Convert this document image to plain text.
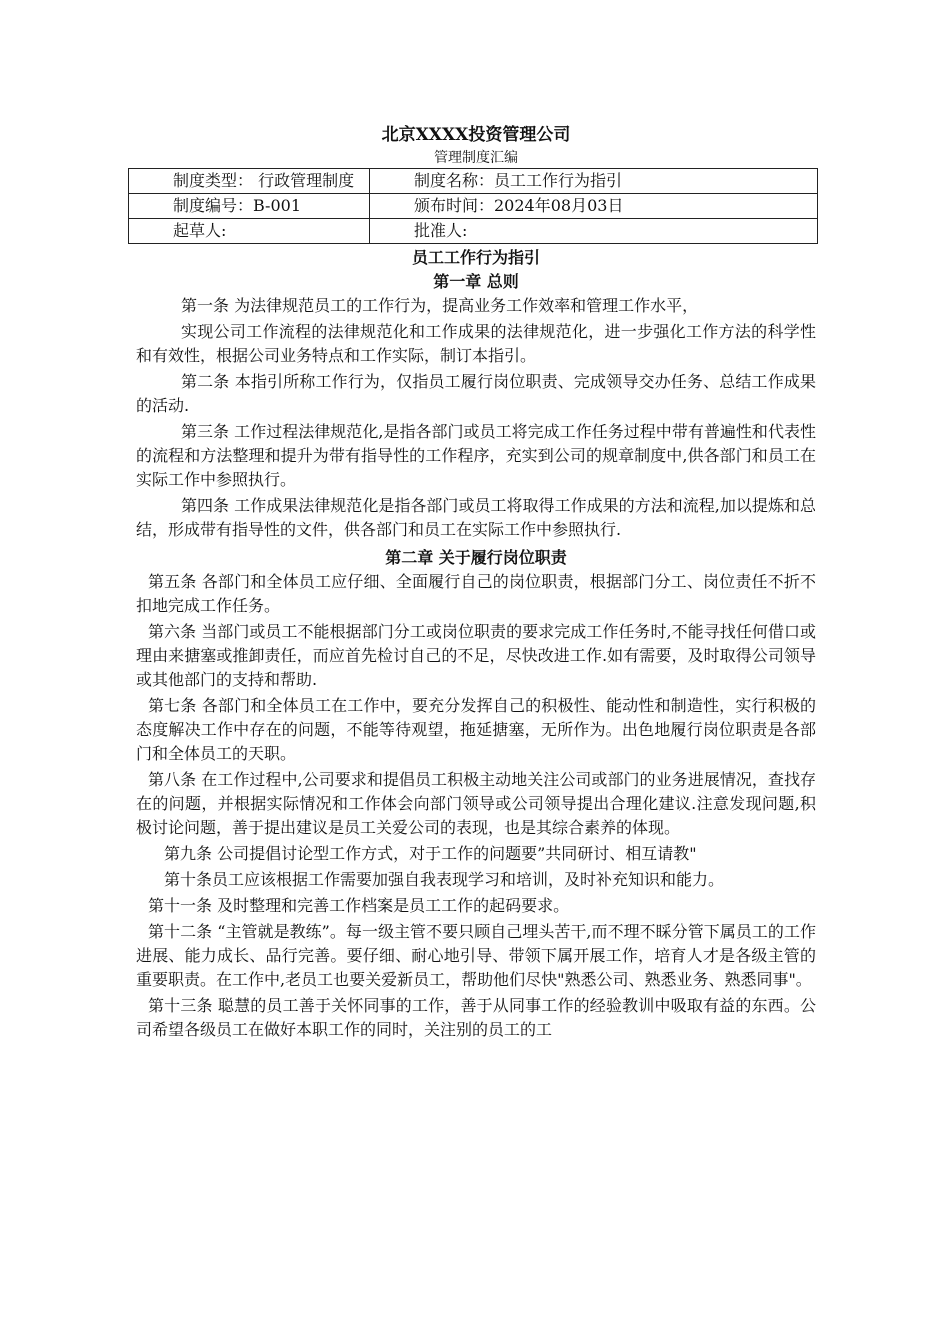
北京XXXX投资管理公司

管理制度汇编

制度类型： 行政管理制度	制度名称：员工工作行为指引
制度编号：B-001	颁布时间：2024年08月03日
起草人:	批准人:

员工工作行为指引

第一章 总则

第一条 为法律规范员工的工作行为，提高业务工作效率和管理工作水平，

实现公司工作流程的法律规范化和工作成果的法律规范化，进一步强化工作方法的科学性和有效性，根据公司业务特点和工作实际，制订本指引。

第二条 本指引所称工作行为，仅指员工履行岗位职责、完成领导交办任务、总结工作成果的活动.

第三条 工作过程法律规范化,是指各部门或员工将完成工作任务过程中带有普遍性和代表性的流程和方法整理和提升为带有指导性的工作程序，充实到公司的规章制度中,供各部门和员工在实际工作中参照执行。

第四条 工作成果法律规范化是指各部门或员工将取得工作成果的方法和流程,加以提炼和总结，形成带有指导性的文件，供各部门和员工在实际工作中参照执行.

第二章 关于履行岗位职责

第五条 各部门和全体员工应仔细、全面履行自己的岗位职责，根据部门分工、岗位责任不折不扣地完成工作任务。

第六条 当部门或员工不能根据部门分工或岗位职责的要求完成工作任务时,不能寻找任何借口或理由来搪塞或推卸责任，而应首先检讨自己的不足，尽快改进工作.如有需要，及时取得公司领导或其他部门的支持和帮助.

第七条 各部门和全体员工在工作中，要充分发挥自己的积极性、能动性和制造性，实行积极的态度解决工作中存在的问题，不能等待观望，拖延搪塞，无所作为。出色地履行岗位职责是各部门和全体员工的天职。

第八条 在工作过程中,公司要求和提倡员工积极主动地关注公司或部门的业务进展情况，查找存在的问题，并根据实际情况和工作体会向部门领导或公司领导提出合理化建议.注意发现问题,积极讨论问题，善于提出建议是员工关爱公司的表现，也是其综合素养的体现。

第九条 公司提倡讨论型工作方式，对于工作的问题要”共同研讨、相互请教"

第十条员工应该根据工作需要加强自我表现学习和培训，及时补充知识和能力。

第十一条 及时整理和完善工作档案是员工工作的起码要求。

第十二条 “主管就是教练”。每一级主管不要只顾自己埋头苦干,而不理不睬分管下属员工的工作进展、能力成长、品行完善。要仔细、耐心地引导、带领下属开展工作，培育人才是各级主管的重要职责。在工作中,老员工也要关爱新员工，帮助他们尽快"熟悉公司、熟悉业务、熟悉同事"。

第十三条 聪慧的员工善于关怀同事的工作，善于从同事工作的经验教训中吸取有益的东西。公司希望各级员工在做好本职工作的同时，关注别的员工的工
